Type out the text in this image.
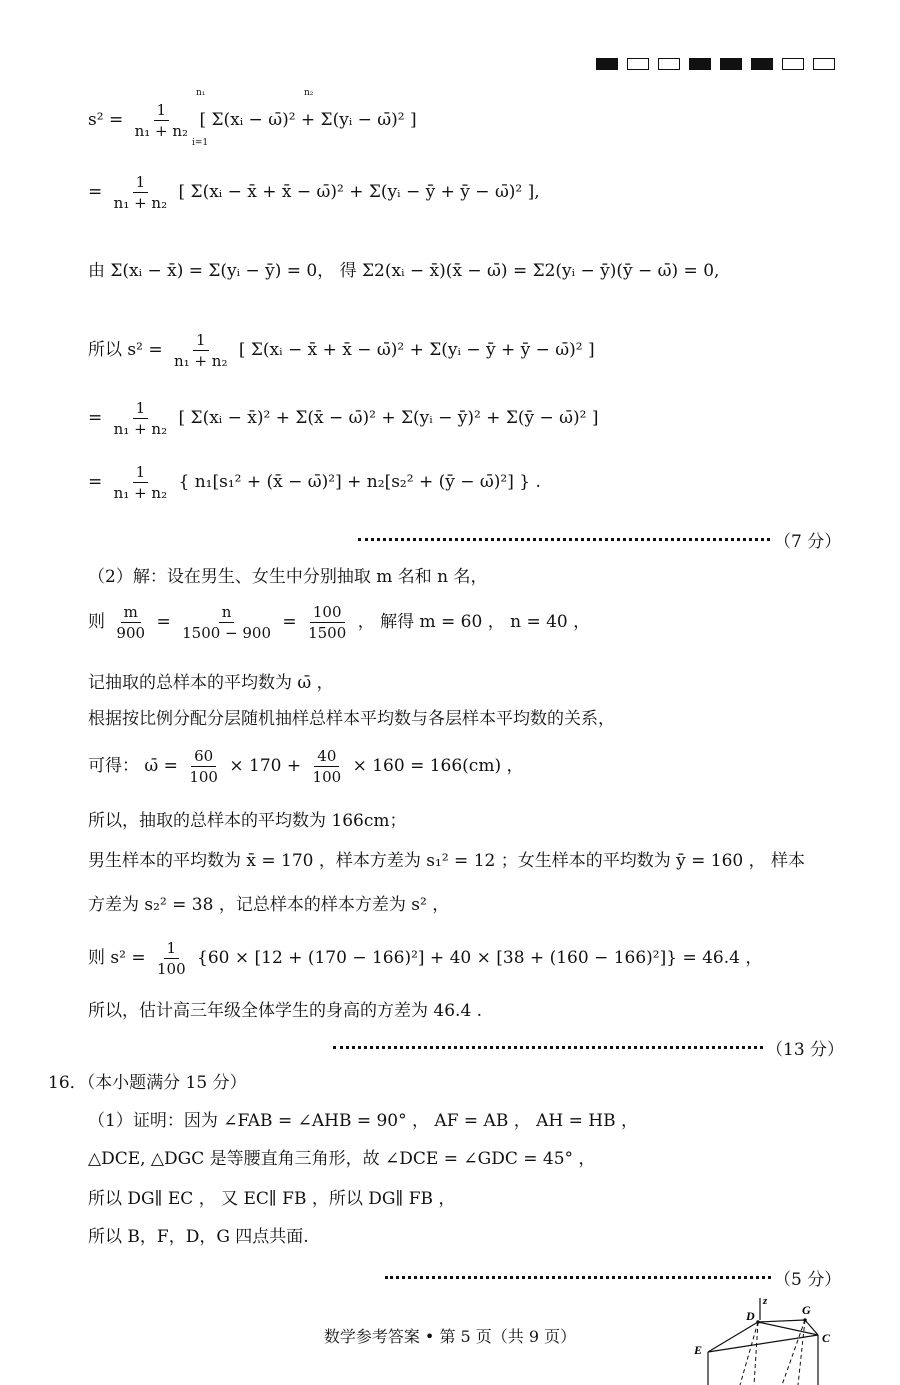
$s^2 = \frac{1}{\text{n₁ + n₂}}$ [ Σ(xᵢ − ω̄)² + Σ(yᵢ − ω̄)² ]
= $\frac{1}{\text{n₁ + n₂}}$ [ Σ(xᵢ − x̄ + x̄ − ω̄)² + Σ(yᵢ − ȳ + ȳ − ω̄)² ],
由 Σ(xᵢ − x̄) = Σ(yᵢ − ȳ) = 0， 得 Σ2(xᵢ − x̄)(x̄ − ω̄) = Σ2(yᵢ − ȳ)(ȳ − ω̄) = 0,
所以 $s^2 = \frac{1}{\text{n₁ + n₂}}$ [ Σ(xᵢ − x̄ + x̄ − ω̄)² + Σ(yᵢ − ȳ + ȳ − ω̄)² ]
= $\frac{1}{\text{n₁ + n₂}}$ [ Σ(xᵢ − x̄)² + Σ(x̄ − ω̄)² + Σ(yᵢ − ȳ)² + Σ(ȳ − ω̄)² ]
= $\frac{1}{\text{n₁ + n₂}}$ { n₁[s₁² + (x̄ − ω̄)²] + n₂[s₂² + (ȳ − ω̄)²] } .
n₁
i=1
n₂
（7 分）
（2）解：设在男生、女生中分别抽取 m 名和 n 名，
则 $\frac{m}{900} = \frac{n}{1500 - 900} = \frac{100}{1500}$ ， 解得 m = 60 ， n = 40 ，
记抽取的总样本的平均数为 ω̄ ，
根据按比例分配分层随机抽样总样本平均数与各层样本平均数的关系，
可得： ω̄ = $\frac{60}{100} \times 170 + \frac{40}{100} \times 160 = 166(cm)$ ，
所以，抽取的总样本的平均数为 166cm；
男生样本的平均数为 x̄ = 170 ，样本方差为 s₁² = 12 ；女生样本的平均数为 ȳ = 160 ， 样本
方差为 s₂² = 38 ，记总样本的样本方差为 s² ，
则 $s^2 = \frac{1}{100} \{60 \times [12 + (170 - 166)^2] + 40 \times [38 + (160 - 166)^2]\} = 46.4$ ，
所以，估计高三年级全体学生的身高的方差为 46.4 .
（13 分）
16．（本小题满分 15 分）
（1）证明：因为 ∠FAB = ∠AHB = 90° ， AF = AB ， AH = HB ，
△DCE, △DGC 是等腰直角三角形，故 ∠DCE = ∠GDC = 45° ，
所以 DG∥ EC ， 又 EC∥ FB ，所以 DG∥ FB ，
所以 B，F，D，G 四点共面.
（5 分）
数学参考答案 • 第 5 页（共 9 页）
D
z
G
C
E
